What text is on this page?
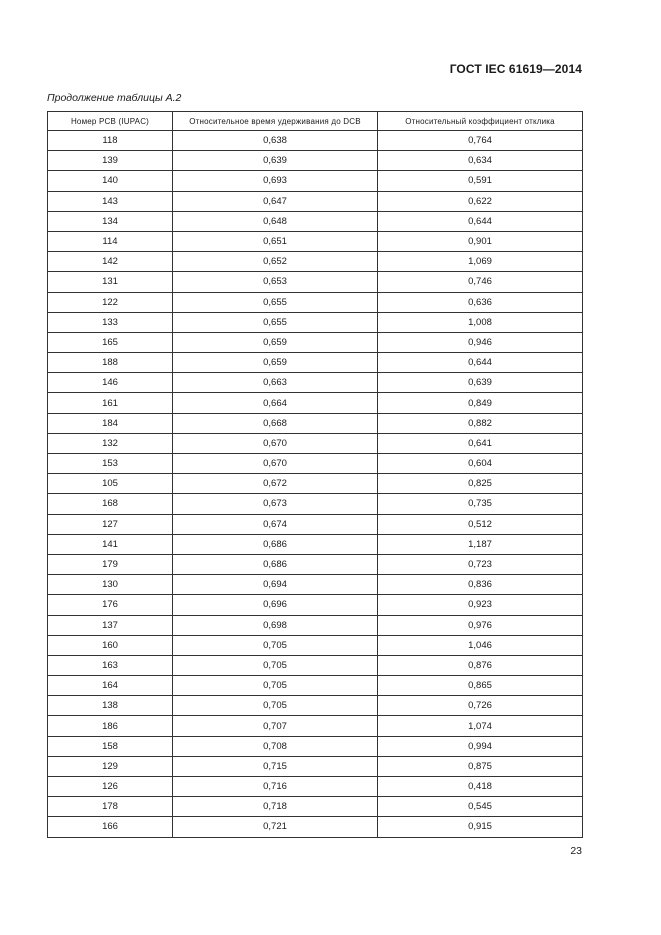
ГОСТ IEC 61619—2014
Продолжение таблицы А.2
Номер PCB (IUPAC)	Относительное время удерживания до DCB	Относительный коэффициент отклика
118	0,638	0,764
139	0,639	0,634
140	0,693	0,591
143	0,647	0,622
134	0,648	0,644
114	0,651	0,901
142	0,652	1,069
131	0,653	0,746
122	0,655	0,636
133	0,655	1,008
165	0,659	0,946
188	0,659	0,644
146	0,663	0,639
161	0,664	0,849
184	0,668	0,882
132	0,670	0,641
153	0,670	0,604
105	0,672	0,825
168	0,673	0,735
127	0,674	0,512
141	0,686	1,187
179	0,686	0,723
130	0,694	0,836
176	0,696	0,923
137	0,698	0,976
160	0,705	1,046
163	0,705	0,876
164	0,705	0,865
138	0,705	0,726
186	0,707	1,074
158	0,708	0,994
129	0,715	0,875
126	0,716	0,418
178	0,718	0,545
166	0,721	0,915
23
